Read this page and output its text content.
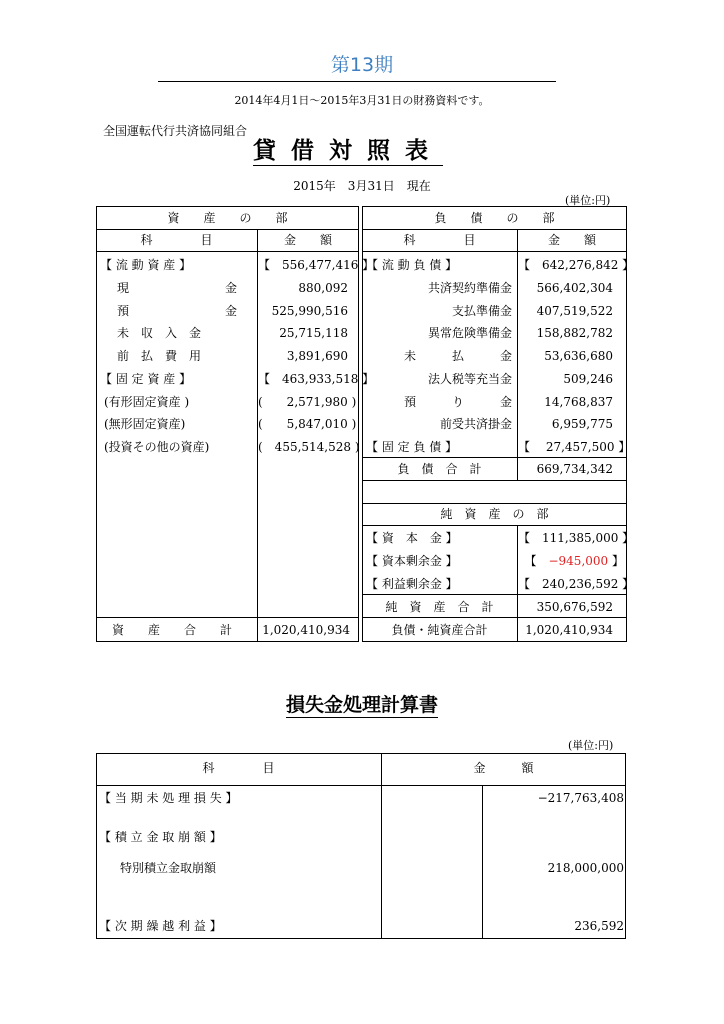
第13期
2014年4月1日～2015年3月31日の財務資料です。
全国運転代行共済協同組合
貸借対照表
2015年　3月31日　現在
(単位:円)
資　　産　　の　　部
科　　　　目	金　　額
【 流 動 資 産 】	【　556,477,416 】
現　　　　　　　　金	880,092
預　　　　　　　　金	525,990,516
未　収　入　金	25,715,118
前　払　費　用	3,891,690
【 固 定 資 産 】	【　463,933,518 】
(有形固定資産 )	(　　2,571,980 )
(無形固定資産)	(　　5,847,010 )
(投資その他の資産)	(　455,514,528 )
資　　産　　合　　計	1,020,410,934
負　　債　　の　　部
科　　　　目	金　　額
【 流 動 負 債 】	【　642,276,842 】
共済契約準備金	566,402,304
支払準備金	407,519,522
異常危険準備金	158,882,782
未　　　払　　　金	53,636,680
法人税等充当金	509,246
預　　　り　　　金	14,768,837
前受共済掛金	6,959,775
【 固 定 負 債 】	【　 27,457,500 】
負　債　合　計	669,734,342
純　資　産　の　部
【 資　本　金 】	【　111,385,000 】
【 資本剰余金 】	【　−945,000 】
【 利益剰余金 】	【　240,236,592 】
純　資　産　合　計	350,676,592
負債・純資産合計	1,020,410,934
損失金処理計算書
(単位:円)
科　　　　目	金　　　額
【 当 期 未 処 理 損 失 】	−217,763,408
【 積 立 金 取 崩 額 】
特別積立金取崩額	218,000,000
【 次 期 繰 越 利 益 】	236,592
